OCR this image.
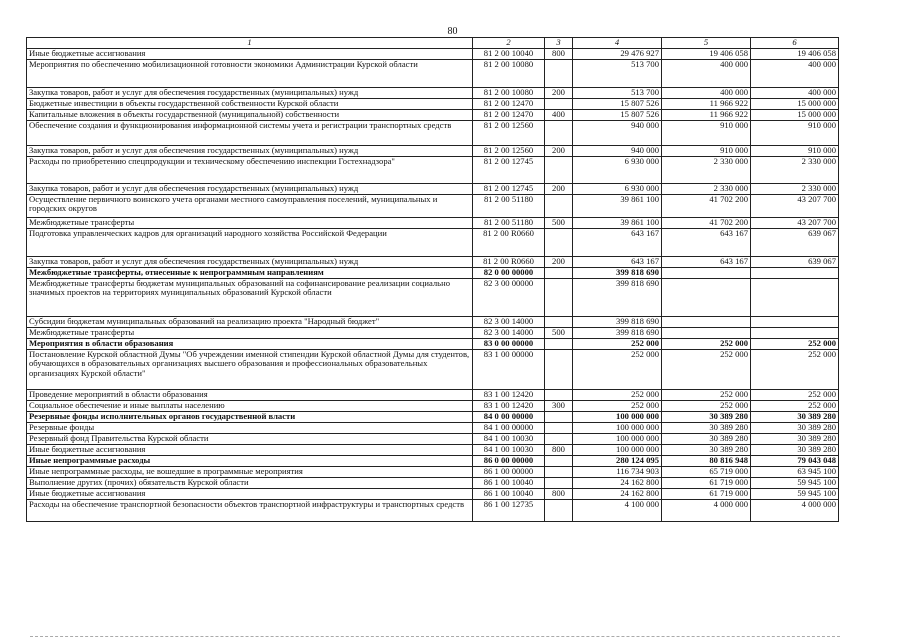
80
1	2	3	4	5	6
Иные бюджетные ассигнования	81 2 00 10040	800	29 476 927	19 406 058	19 406 058
Мероприятия по обеспечению мобилизационной готовности экономики Администрации Курской области	81 2 00 10080		513 700	400 000	400 000
Закупка товаров, работ и услуг для обеспечения государственных (муниципальных) нужд	81 2 00 10080	200	513 700	400 000	400 000
Бюджетные инвестиции в объекты государственной собственности Курской области	81 2 00 12470		15 807 526	11 966 922	15 000 000
Капитальные вложения в объекты государственной (муниципальной) собственности	81 2 00 12470	400	15 807 526	11 966 922	15 000 000
Обеспечение создания и функционирования информационной системы учета и регистрации транспортных средств	81 2 00 12560		940 000	910 000	910 000
Закупка товаров, работ и услуг для обеспечения государственных (муниципальных) нужд	81 2 00 12560	200	940 000	910 000	910 000
Расходы по приобретению спецпродукции и техническому обеспечению инспекции Гостехнадзора"	81 2 00 12745		6 930 000	2 330 000	2 330 000
Закупка товаров, работ и услуг для обеспечения государственных (муниципальных) нужд	81 2 00 12745	200	6 930 000	2 330 000	2 330 000
Осуществление первичного воинского учета органами местного самоуправления поселений, муниципальных и городских округов	81 2 00 51180		39 861 100	41 702 200	43 207 700
Межбюджетные трансферты	81 2 00 51180	500	39 861 100	41 702 200	43 207 700
Подготовка управленческих кадров для организаций народного хозяйства Российской Федерации	81 2 00 R0660		643 167	643 167	639 067
Закупка товаров, работ и услуг для обеспечения государственных (муниципальных) нужд	81 2 00 R0660	200	643 167	643 167	639 067
Межбюджетные трансферты, отнесенные к непрограммным направлениям	82 0 00 00000		399 818 690		
Межбюджетные трансферты бюджетам муниципальных образований на софинансирование реализации социально значимых проектов на территориях муниципальных образований Курской области	82 3 00 00000		399 818 690		
Субсидии бюджетам муниципальных образований на реализацию проекта "Народный бюджет"	82 3 00 14000		399 818 690		
Межбюджетные трансферты	82 3 00 14000	500	399 818 690		
Мероприятия в области образования	83 0 00 00000		252 000	252 000	252 000
Постановление Курской областной Думы "Об учреждении именной стипендии Курской областной Думы для студентов, обучающихся в образовательных организациях высшего образования и профессиональных образовательных организациях Курской области"	83 1 00 00000		252 000	252 000	252 000
Проведение мероприятий в области образования	83 1 00 12420		252 000	252 000	252 000
Социальное обеспечение и иные выплаты населению	83 1 00 12420	300	252 000	252 000	252 000
Резервные фонды исполнительных органов государственной власти	84 0 00 00000		100 000 000	30 389 280	30 389 280
Резервные фонды	84 1 00 00000		100 000 000	30 389 280	30 389 280
Резервный фонд Правительства Курской области	84 1 00 10030		100 000 000	30 389 280	30 389 280
Иные бюджетные ассигнования	84 1 00 10030	800	100 000 000	30 389 280	30 389 280
Иные непрограммные расходы	86 0 00 00000		280 124 095	80 816 948	79 043 048
Иные непрограммные расходы, не вошедшие в программные мероприятия	86 1 00 00000		116 734 903	65 719 000	63 945 100
Выполнение других (прочих) обязательств Курской области	86 1 00 10040		24 162 800	61 719 000	59 945 100
Иные бюджетные ассигнования	86 1 00 10040	800	24 162 800	61 719 000	59 945 100
Расходы на обеспечение транспортной безопасности объектов транспортной инфраструктуры и транспортных средств	86 1 00 12735		4 100 000	4 000 000	4 000 000
